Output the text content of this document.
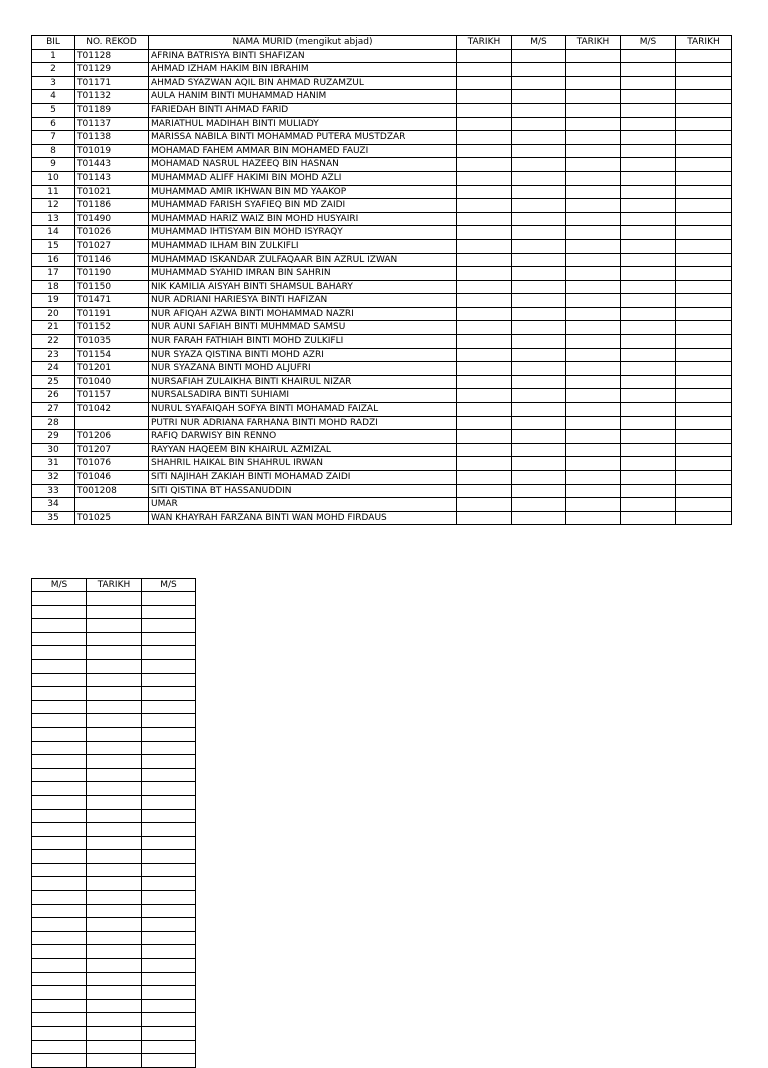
BIL	NO. REKOD	NAMA MURID (mengikut abjad)	TARIKH	M/S	TARIKH	M/S	TARIKH
1	T01128	AFRINA BATRISYA BINTI SHAFIZAN					
2	T01129	AHMAD IZHAM HAKIM BIN IBRAHIM					
3	T01171	AHMAD SYAZWAN AQIL BIN AHMAD RUZAMZUL					
4	T01132	AULA HANIM BINTI MUHAMMAD HANIM					
5	T01189	FARIEDAH BINTI AHMAD FARID					
6	T01137	MARIATHUL MADIHAH BINTI MULIADY					
7	T01138	MARISSA NABILA BINTI MOHAMMAD PUTERA MUSTDZAR					
8	T01019	MOHAMAD FAHEM AMMAR BIN MOHAMED FAUZI					
9	T01443	MOHAMAD NASRUL HAZEEQ BIN HASNAN					
10	T01143	MUHAMMAD ALIFF HAKIMI BIN MOHD AZLI					
11	T01021	MUHAMMAD AMIR IKHWAN BIN MD YAAKOP					
12	T01186	MUHAMMAD FARISH SYAFIEQ BIN MD ZAIDI					
13	T01490	MUHAMMAD HARIZ WAIZ BIN MOHD HUSYAIRI					
14	T01026	MUHAMMAD IHTISYAM BIN MOHD ISYRAQY					
15	T01027	MUHAMMAD ILHAM BIN ZULKIFLI					
16	T01146	MUHAMMAD ISKANDAR ZULFAQAAR BIN AZRUL IZWAN					
17	T01190	MUHAMMAD SYAHID IMRAN BIN SAHRIN					
18	T01150	NIK KAMILIA AISYAH BINTI SHAMSUL BAHARY					
19	T01471	NUR ADRIANI HARIESYA BINTI HAFIZAN					
20	T01191	NUR AFIQAH AZWA BINTI MOHAMMAD NAZRI					
21	T01152	NUR AUNI SAFIAH BINTI MUHMMAD SAMSU					
22	T01035	NUR FARAH FATHIAH BINTI MOHD ZULKIFLI					
23	T01154	NUR SYAZA QISTINA BINTI MOHD AZRI					
24	T01201	NUR SYAZANA BINTI MOHD ALJUFRI					
25	T01040	NURSAFIAH ZULAIKHA BINTI KHAIRUL NIZAR					
26	T01157	NURSALSADIRA BINTI SUHIAMI					
27	T01042	NURUL SYAFAIQAH SOFYA BINTI MOHAMAD FAIZAL					
28		PUTRI NUR ADRIANA FARHANA BINTI MOHD RADZI					
29	T01206	RAFIQ DARWISY BIN RENNO					
30	T01207	RAYYAN HAQEEM BIN KHAIRUL AZMIZAL					
31	T01076	SHAHRIL HAIKAL BIN SHAHRUL IRWAN					
32	T01046	SITI NAJIHAH ZAKIAH BINTI MOHAMAD ZAIDI					
33	T001208	SITI QISTINA BT HASSANUDDIN					
34		UMAR					
35	T01025	WAN KHAYRAH FARZANA BINTI WAN MOHD FIRDAUS					
M/S	TARIKH	M/S
